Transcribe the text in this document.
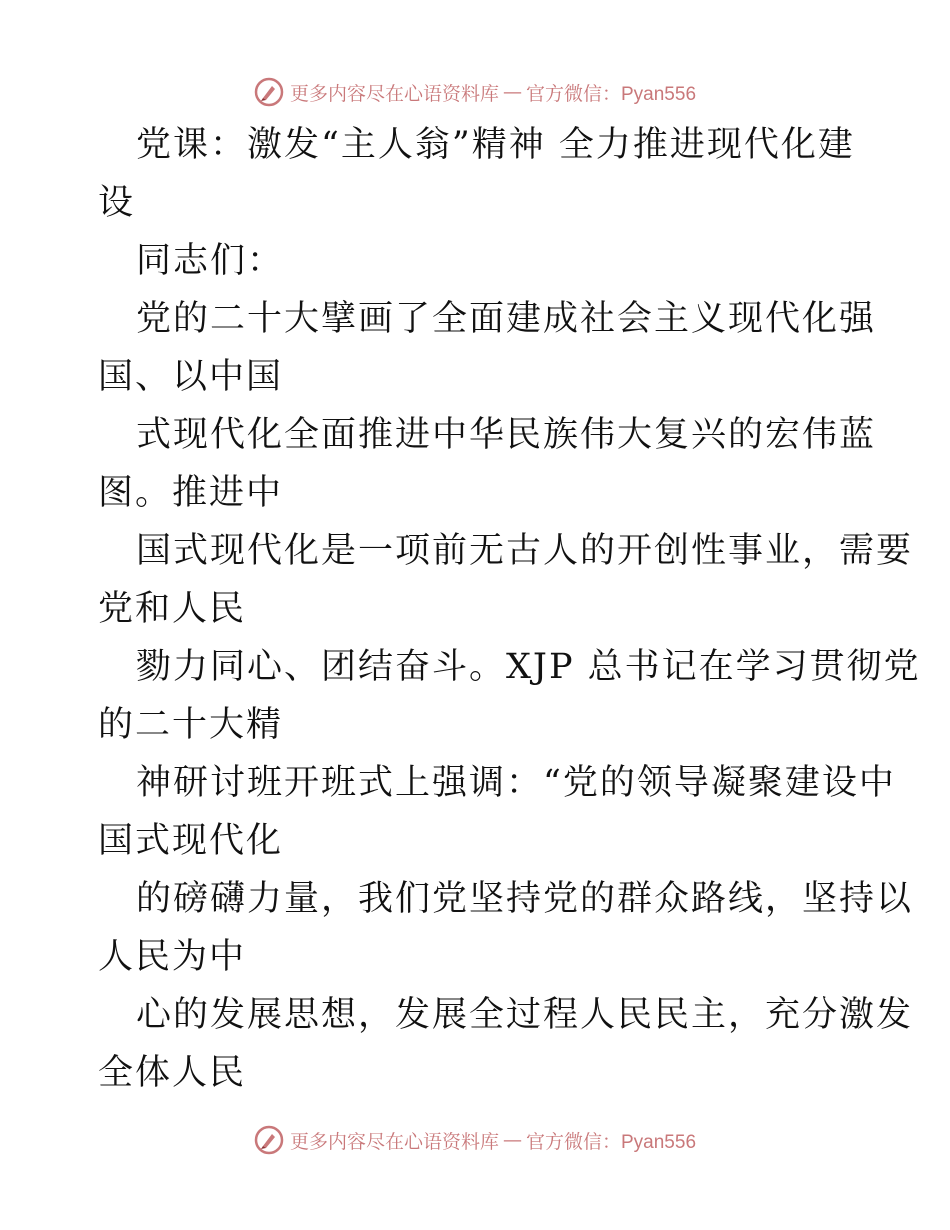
更多内容尽在心语资料库 — 官方微信：Pyan556
党课：激发“主人翁”精神 全力推进现代化建
设
同志们：
党的二十大擘画了全面建成社会主义现代化强
国、以中国
式现代化全面推进中华民族伟大复兴的宏伟蓝
图。推进中
国式现代化是一项前无古人的开创性事业，需要
党和人民
勠力同心、团结奋斗。XJP 总书记在学习贯彻党
的二十大精
神研讨班开班式上强调：“党的领导凝聚建设中
国式现代化
的磅礴力量，我们党坚持党的群众路线，坚持以
人民为中
心的发展思想，发展全过程人民民主，充分激发
全体人民
更多内容尽在心语资料库 — 官方微信：Pyan556
